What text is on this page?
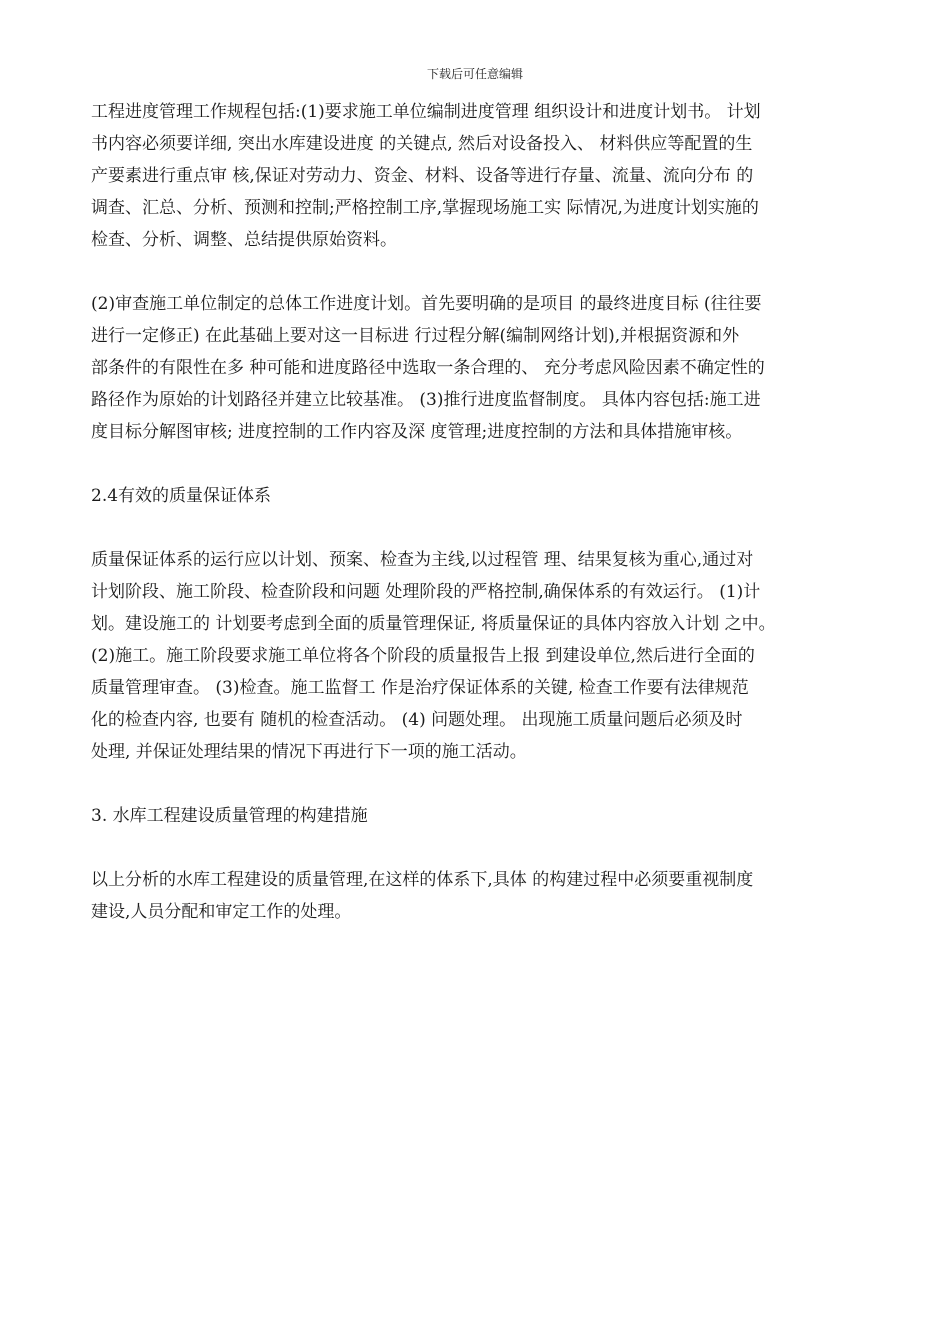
下载后可任意编辑

工程进度管理工作规程包括:(1)要求施工单位编制进度管理 组织设计和进度计划书。 计划
书内容必须要详细, 突出水库建设进度 的关键点, 然后对设备投入、 材料供应等配置的生
产要素进行重点审 核,保证对劳动力、资金、材料、设备等进行存量、流量、流向分布 的
调查、汇总、分析、预测和控制;严格控制工序,掌握现场施工实 际情况,为进度计划实施的
检查、分析、调整、总结提供原始资料。

(2)审查施工单位制定的总体工作进度计划。首先要明确的是项目 的最终进度目标 (往往要
进行一定修正) 在此基础上要对这一目标进 行过程分解(编制网络计划),并根据资源和外
部条件的有限性在多 种可能和进度路径中选取一条合理的、 充分考虑风险因素不确定性的
路径作为原始的计划路径并建立比较基准。 (3)推行进度监督制度。 具体内容包括:施工进
度目标分解图审核; 进度控制的工作内容及深 度管理;进度控制的方法和具体措施审核。

2.4有效的质量保证体系

质量保证体系的运行应以计划、预案、检查为主线,以过程管 理、结果复核为重心,通过对
计划阶段、施工阶段、检查阶段和问题 处理阶段的严格控制,确保体系的有效运行。 (1)计
划。建设施工的 计划要考虑到全面的质量管理保证, 将质量保证的具体内容放入计划 之中。
(2)施工。施工阶段要求施工单位将各个阶段的质量报告上报 到建设单位,然后进行全面的
质量管理审查。 (3)检查。施工监督工 作是治疗保证体系的关键, 检查工作要有法律规范
化的检查内容, 也要有 随机的检查活动。 (4) 问题处理。 出现施工质量问题后必须及时
处理, 并保证处理结果的情况下再进行下一项的施工活动。

3. 水库工程建设质量管理的构建措施

以上分析的水库工程建设的质量管理,在这样的体系下,具体 的构建过程中必须要重视制度
建设,人员分配和审定工作的处理。
